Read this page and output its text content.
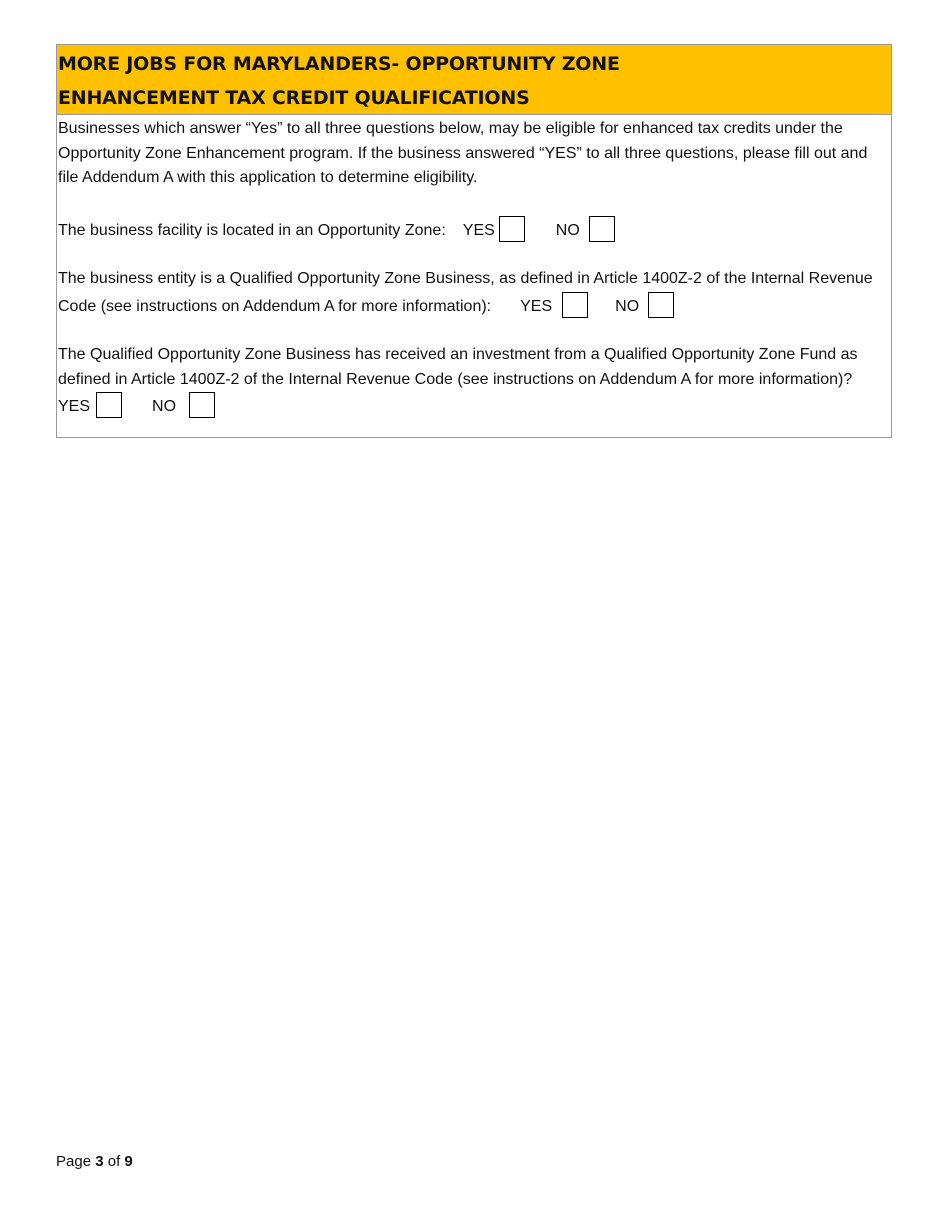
MORE JOBS FOR MARYLANDERS- OPPORTUNITY ZONE
ENHANCEMENT TAX CREDIT QUALIFICATIONS

Businesses which answer “Yes” to all three questions below, may be eligible for enhanced tax credits under the Opportunity Zone Enhancement program. If the business answered “YES” to all three questions, please fill out and file Addendum A with this application to determine eligibility.

The business facility is located in an Opportunity Zone: YES	NO

The business entity is a Qualified Opportunity Zone Business, as defined in Article 1400Z-2 of the Internal Revenue Code (see instructions on Addendum A for more information): YES	NO

The Qualified Opportunity Zone Business has received an investment from a Qualified Opportunity Zone Fund as defined in Article 1400Z-2 of the Internal Revenue Code (see instructions on Addendum A for more information)?YES	NO

Page 3 of 9
